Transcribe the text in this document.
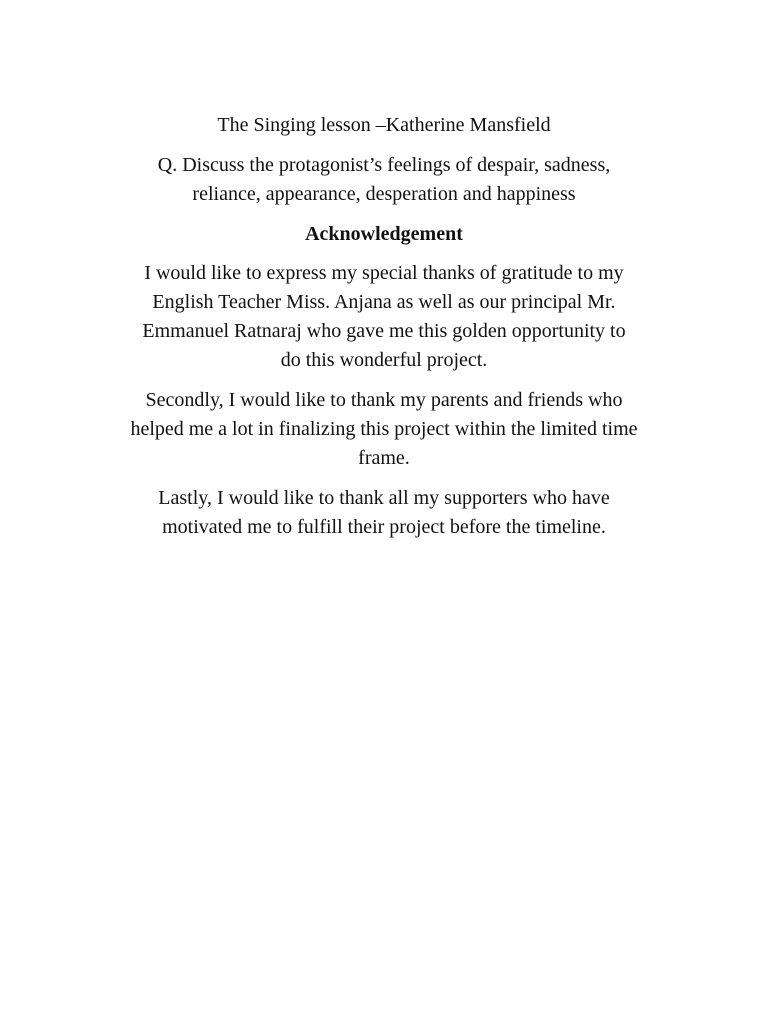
The Singing lesson –Katherine Mansfield

Q. Discuss the protagonist’s feelings of despair, sadness,
reliance, appearance, desperation and happiness

Acknowledgement

I would like to express my special thanks of gratitude to my
English Teacher Miss. Anjana as well as our principal Mr.
Emmanuel Ratnaraj who gave me this golden opportunity to
do this wonderful project.

Secondly, I would like to thank my parents and friends who
helped me a lot in finalizing this project within the limited time
frame.

Lastly, I would like to thank all my supporters who have
motivated me to fulfill their project before the timeline.
